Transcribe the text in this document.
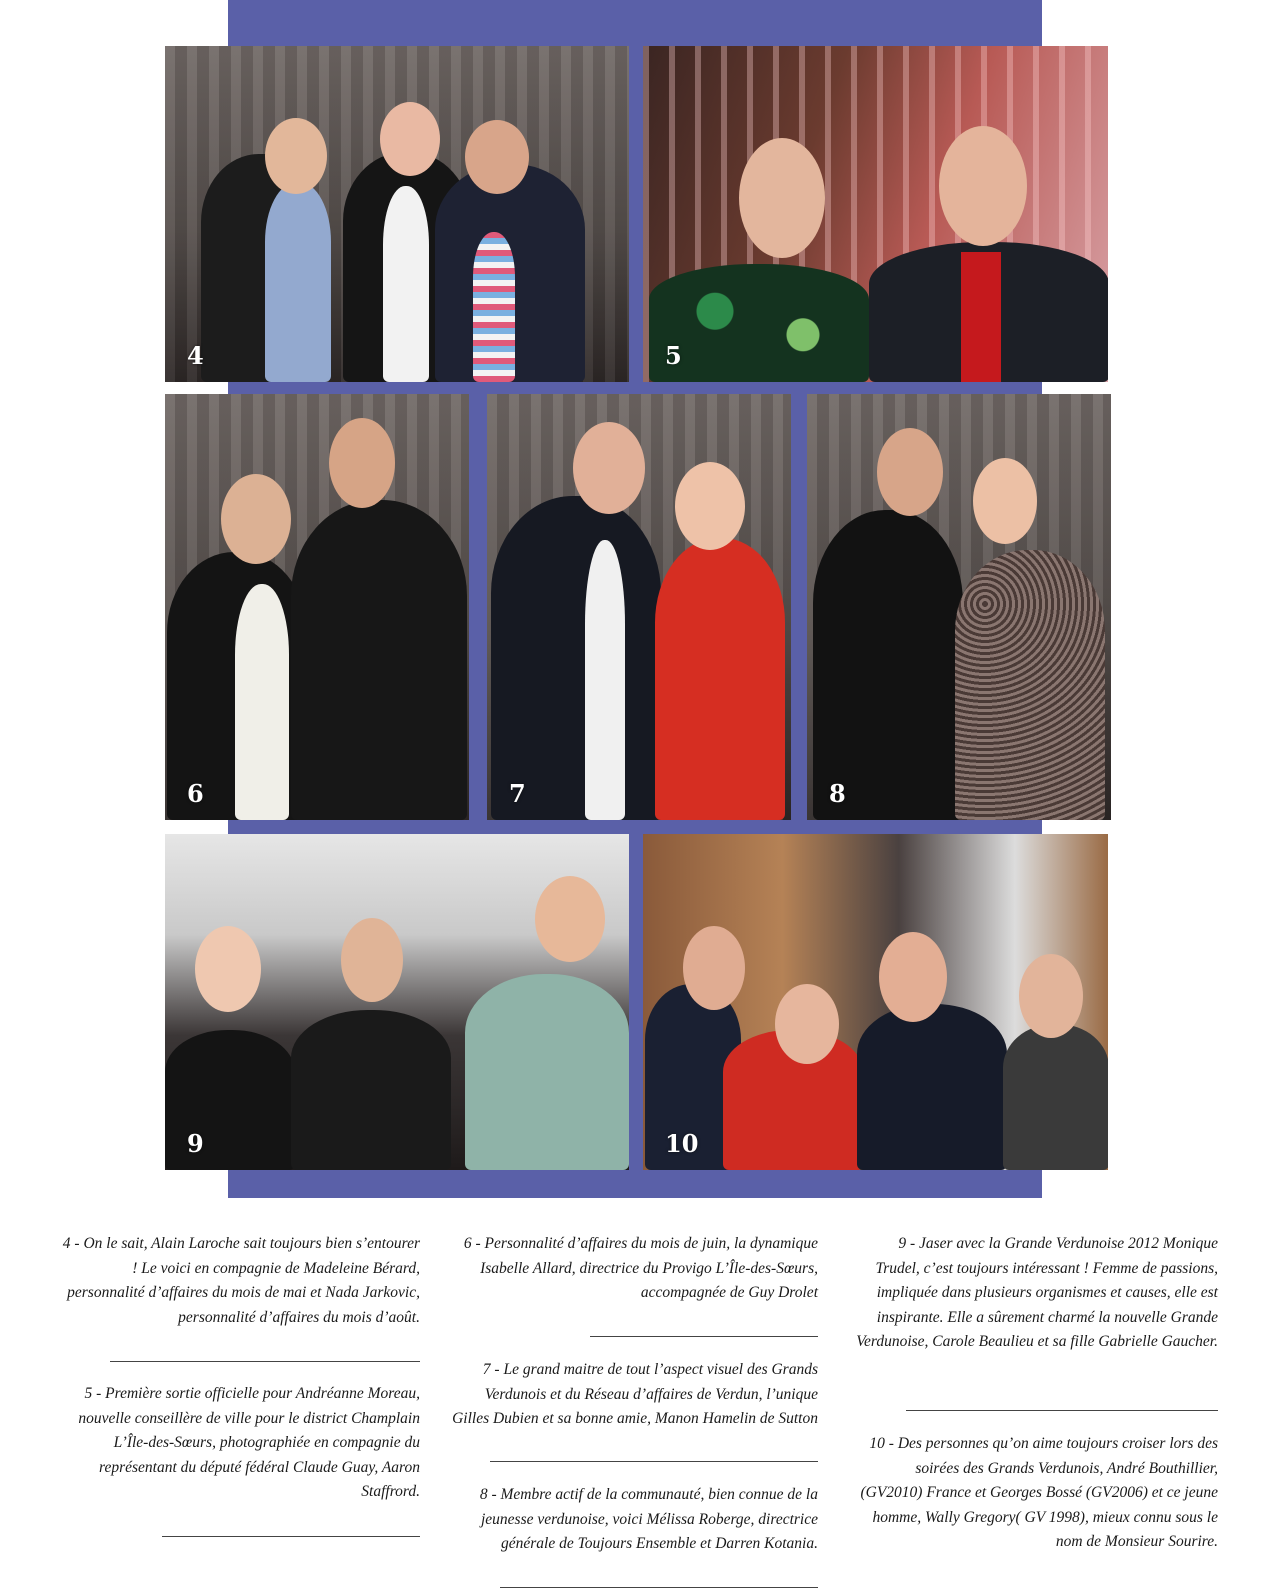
4	5
6	7	8
9	10
4 - On le sait, Alain Laroche sait toujours bien s’entourer ! Le voici en compagnie de Madeleine Bérard, personnalité d’affaires du mois de mai et Nada Jarkovic, personnalité d’affaires du mois d’août.
5 - Première sortie officielle pour Andréanne Moreau, nouvelle conseillère de ville pour le district Champlain L’Île-des-Sœurs, photographiée en compagnie du représentant du député fédéral Claude Guay, Aaron Staffrord.
6 - Personnalité d’affaires du mois de juin, la dynamique Isabelle Allard, directrice du Provigo L’Île-des-Sœurs, accompagnée de Guy Drolet
7 - Le grand maitre de tout l’aspect visuel des Grands Verdunois et du Réseau d’affaires de Verdun, l’unique Gilles Dubien et sa bonne amie, Manon Hamelin de Sutton
8 - Membre actif de la communauté, bien connue de la jeunesse verdunoise, voici Mélissa Roberge, directrice générale de Toujours Ensemble et Darren Kotania.
9 - Jaser avec la Grande Verdunoise 2012 Monique Trudel, c’est toujours intéressant ! Femme de passions, impliquée dans plusieurs organismes et causes, elle est inspirante. Elle a sûrement charmé la nouvelle Grande Verdunoise, Carole Beaulieu et sa fille Gabrielle Gaucher.
10 - Des personnes qu’on aime toujours croiser lors des soirées des Grands Verdunois, André Bouthillier, (GV2010) France et Georges Bossé (GV2006) et ce jeune homme, Wally Gregory( GV 1998), mieux connu sous le nom de Monsieur Sourire.
